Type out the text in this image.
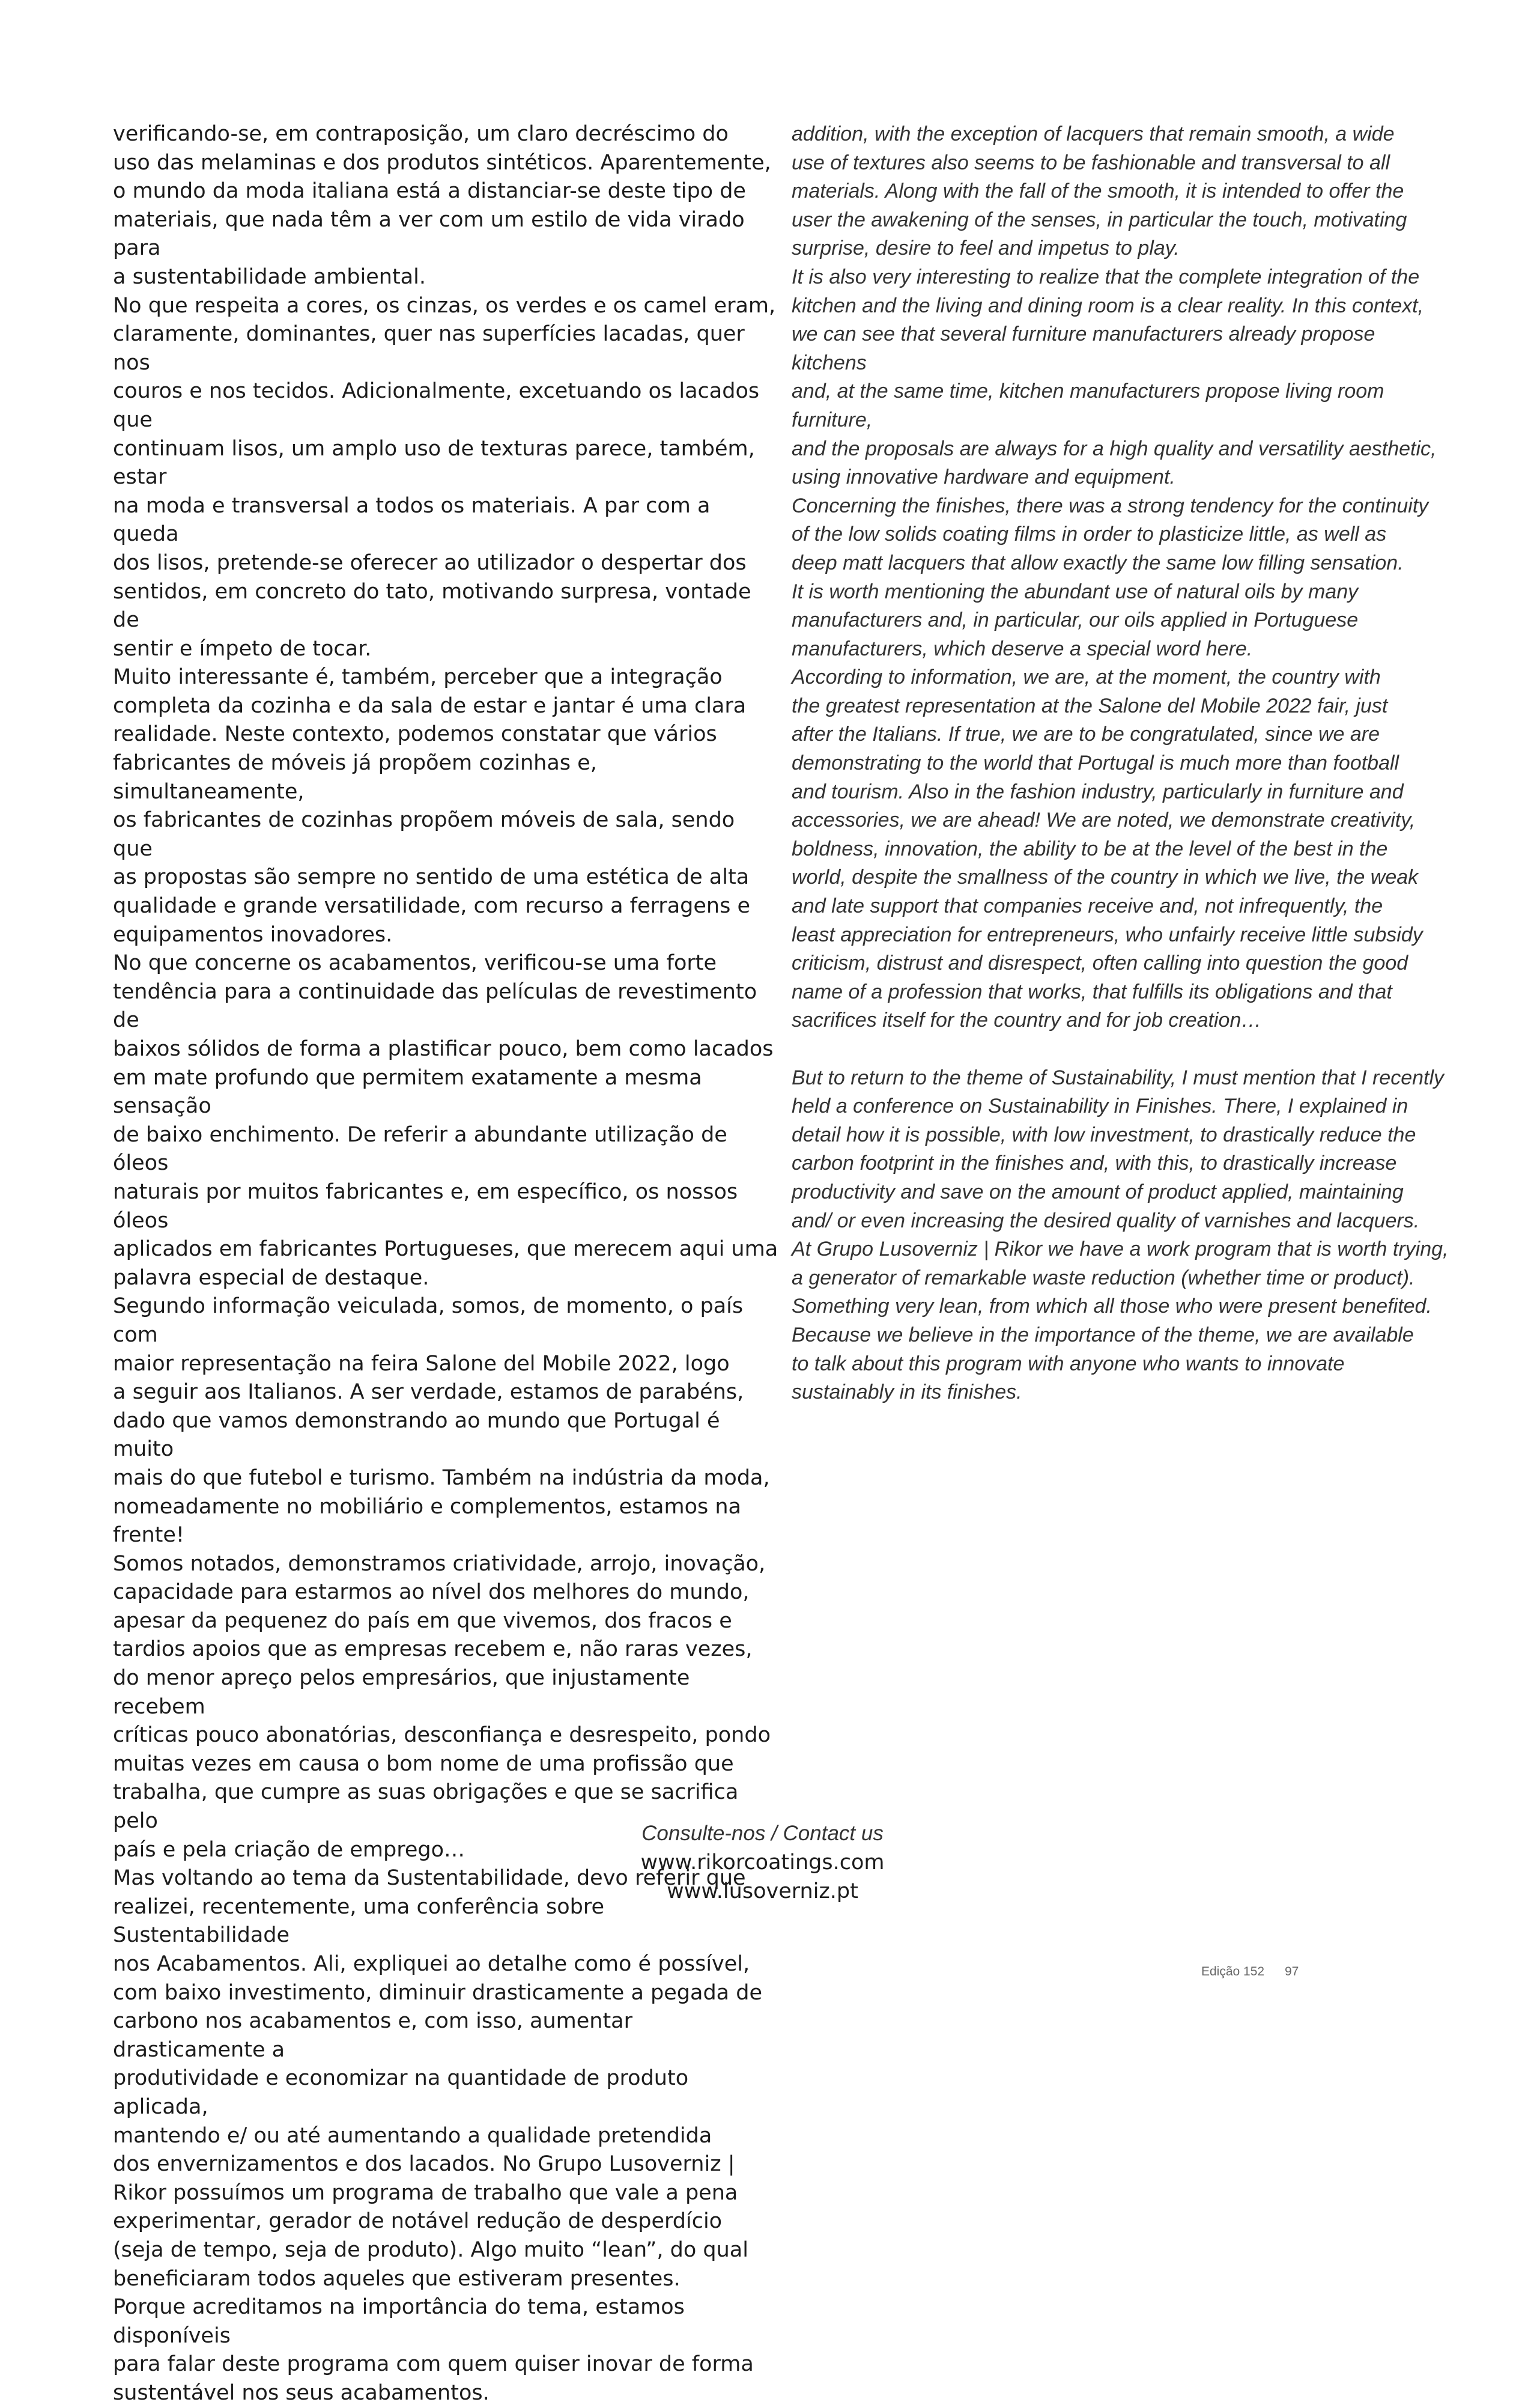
verificando-se, em contraposição, um claro decréscimo do
uso das melaminas e dos produtos sintéticos. Aparentemente,
o mundo da moda italiana está a distanciar-se deste tipo de
materiais, que nada têm a ver com um estilo de vida virado para
a sustentabilidade ambiental.

No que respeita a cores, os cinzas, os verdes e os camel eram,
claramente, dominantes, quer nas superfícies lacadas, quer nos
couros e nos tecidos. Adicionalmente, excetuando os lacados que
continuam lisos, um amplo uso de texturas parece, também, estar
na moda e transversal a todos os materiais. A par com a queda
dos lisos, pretende-se oferecer ao utilizador o despertar dos
sentidos, em concreto do tato, motivando surpresa, vontade de
sentir e ímpeto de tocar.

Muito interessante é, também, perceber que a integração
completa da cozinha e da sala de estar e jantar é uma clara
realidade. Neste contexto, podemos constatar que vários
fabricantes de móveis já propõem cozinhas e, simultaneamente,
os fabricantes de cozinhas propõem móveis de sala, sendo que
as propostas são sempre no sentido de uma estética de alta
qualidade e grande versatilidade, com recurso a ferragens e
equipamentos inovadores.

No que concerne os acabamentos, verificou-se uma forte
tendência para a continuidade das películas de revestimento de
baixos sólidos de forma a plastificar pouco, bem como lacados
em mate profundo que permitem exatamente a mesma sensação
de baixo enchimento. De referir a abundante utilização de óleos
naturais por muitos fabricantes e, em específico, os nossos óleos
aplicados em fabricantes Portugueses, que merecem aqui uma
palavra especial de destaque.

Segundo informação veiculada, somos, de momento, o país com
maior representação na feira Salone del Mobile 2022, logo
a seguir aos Italianos. A ser verdade, estamos de parabéns,
dado que vamos demonstrando ao mundo que Portugal é muito
mais do que futebol e turismo. Também na indústria da moda,
nomeadamente no mobiliário e complementos, estamos na frente!
Somos notados, demonstramos criatividade, arrojo, inovação,
capacidade para estarmos ao nível dos melhores do mundo,
apesar da pequenez do país em que vivemos, dos fracos e
tardios apoios que as empresas recebem e, não raras vezes,
do menor apreço pelos empresários, que injustamente recebem
críticas pouco abonatórias, desconfiança e desrespeito, pondo
muitas vezes em causa o bom nome de uma profissão que
trabalha, que cumpre as suas obrigações e que se sacrifica pelo
país e pela criação de emprego…

Mas voltando ao tema da Sustentabilidade, devo referir que
realizei, recentemente, uma conferência sobre Sustentabilidade
nos Acabamentos. Ali, expliquei ao detalhe como é possível,
com baixo investimento, diminuir drasticamente a pegada de
carbono nos acabamentos e, com isso, aumentar drasticamente a
produtividade e economizar na quantidade de produto aplicada,
mantendo e/ ou até aumentando a qualidade pretendida
dos envernizamentos e dos lacados. No Grupo Lusoverniz |
Rikor possuímos um programa de trabalho que vale a pena
experimentar, gerador de notável redução de desperdício
(seja de tempo, seja de produto). Algo muito “lean”, do qual
beneficiaram todos aqueles que estiveram presentes.

Porque acreditamos na importância do tema, estamos disponíveis
para falar deste programa com quem quiser inovar de forma
sustentável nos seus acabamentos.

addition, with the exception of lacquers that remain smooth, a wide
use of textures also seems to be fashionable and transversal to all
materials. Along with the fall of the smooth, it is intended to offer the
user the awakening of the senses, in particular the touch, motivating
surprise, desire to feel and impetus to play.

It is also very interesting to realize that the complete integration of the
kitchen and the living and dining room is a clear reality. In this context,
we can see that several furniture manufacturers already propose kitchens
and, at the same time, kitchen manufacturers propose living room furniture,
and the proposals are always for a high quality and versatility aesthetic,
using innovative hardware and equipment.

Concerning the finishes, there was a strong tendency for the continuity
of the low solids coating films in order to plasticize little, as well as
deep matt lacquers that allow exactly the same low filling sensation.
It is worth mentioning the abundant use of natural oils by many
manufacturers and, in particular, our oils applied in Portuguese
manufacturers, which deserve a special word here.

According to information, we are, at the moment, the country with
the greatest representation at the Salone del Mobile 2022 fair, just
after the Italians. If true, we are to be congratulated, since we are
demonstrating to the world that Portugal is much more than football
and tourism. Also in the fashion industry, particularly in furniture and
accessories, we are ahead! We are noted, we demonstrate creativity,
boldness, innovation, the ability to be at the level of the best in the
world, despite the smallness of the country in which we live, the weak
and late support that companies receive and, not infrequently, the
least appreciation for entrepreneurs, who unfairly receive little subsidy
criticism, distrust and disrespect, often calling into question the good
name of a profession that works, that fulfills its obligations and that
sacrifices itself for the country and for job creation…

But to return to the theme of Sustainability, I must mention that I recently
held a conference on Sustainability in Finishes. There, I explained in
detail how it is possible, with low investment, to drastically reduce the
carbon footprint in the finishes and, with this, to drastically increase
productivity and save on the amount of product applied, maintaining
and/ or even increasing the desired quality of varnishes and lacquers.
At Grupo Lusoverniz | Rikor we have a work program that is worth trying,
a generator of remarkable waste reduction (whether time or product).
Something very lean, from which all those who were present benefited.
Because we believe in the importance of the theme, we are available
to talk about this program with anyone who wants to innovate
sustainably in its finishes.

Consulte-nos / Contact us
www.rikorcoatings.com
www.lusoverniz.pt
Edição 152 97
